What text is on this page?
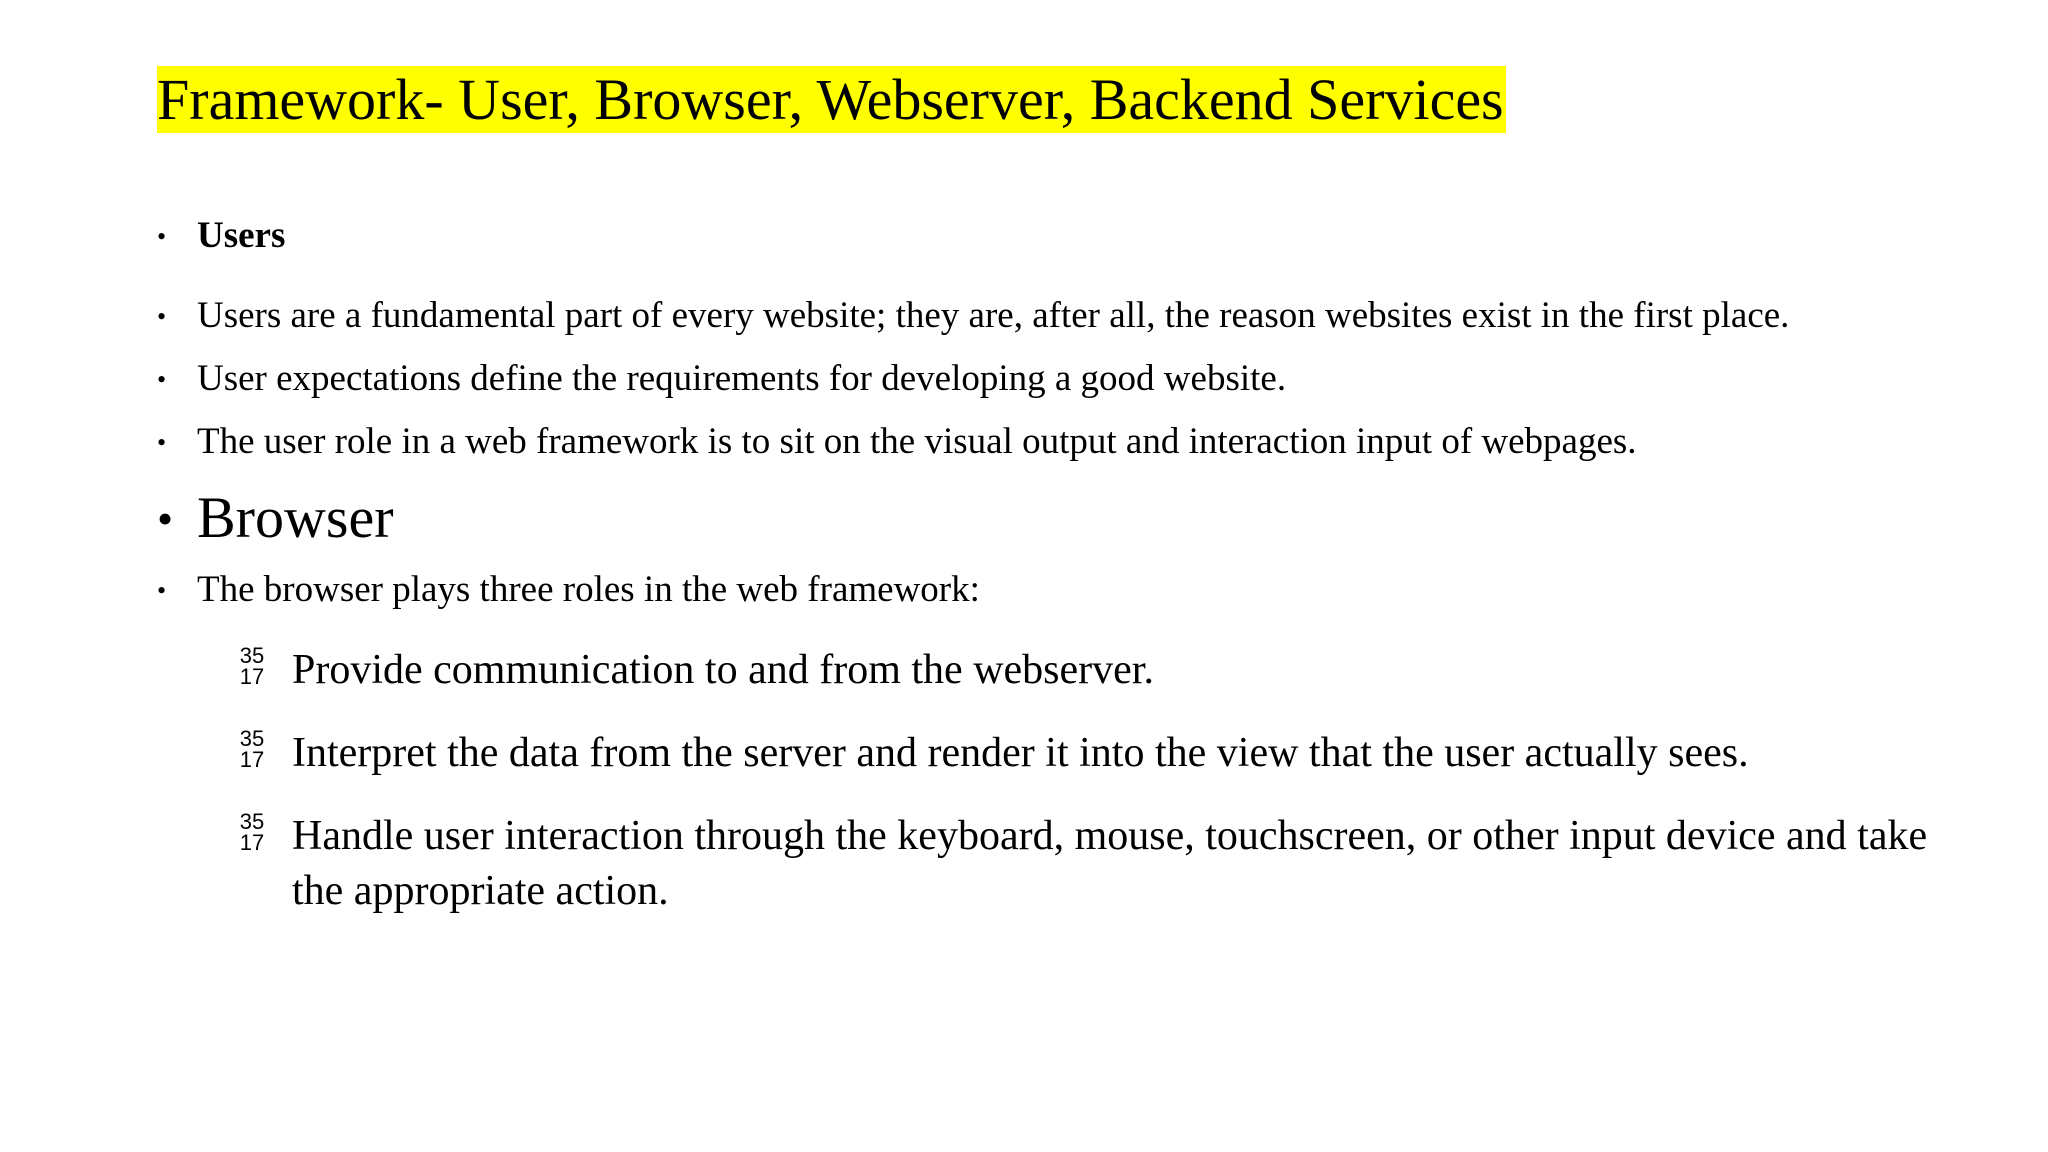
Framework- User, Browser, Webserver, Backend Services
• Users
• Users are a fundamental part of every website; they are, after all, the reason websites exist in the first place.
• User expectations define the requirements for developing a good website.
• The user role in a web framework is to sit on the visual output and interaction input of webpages.
• Browser
• The browser plays three roles in the web framework:
35
17 Provide communication to and from the webserver.
35
17 Interpret the data from the server and render it into the view that the user actually sees.
35
17 Handle user interaction through the keyboard, mouse, touchscreen, or other input device and take the appropriate action.
